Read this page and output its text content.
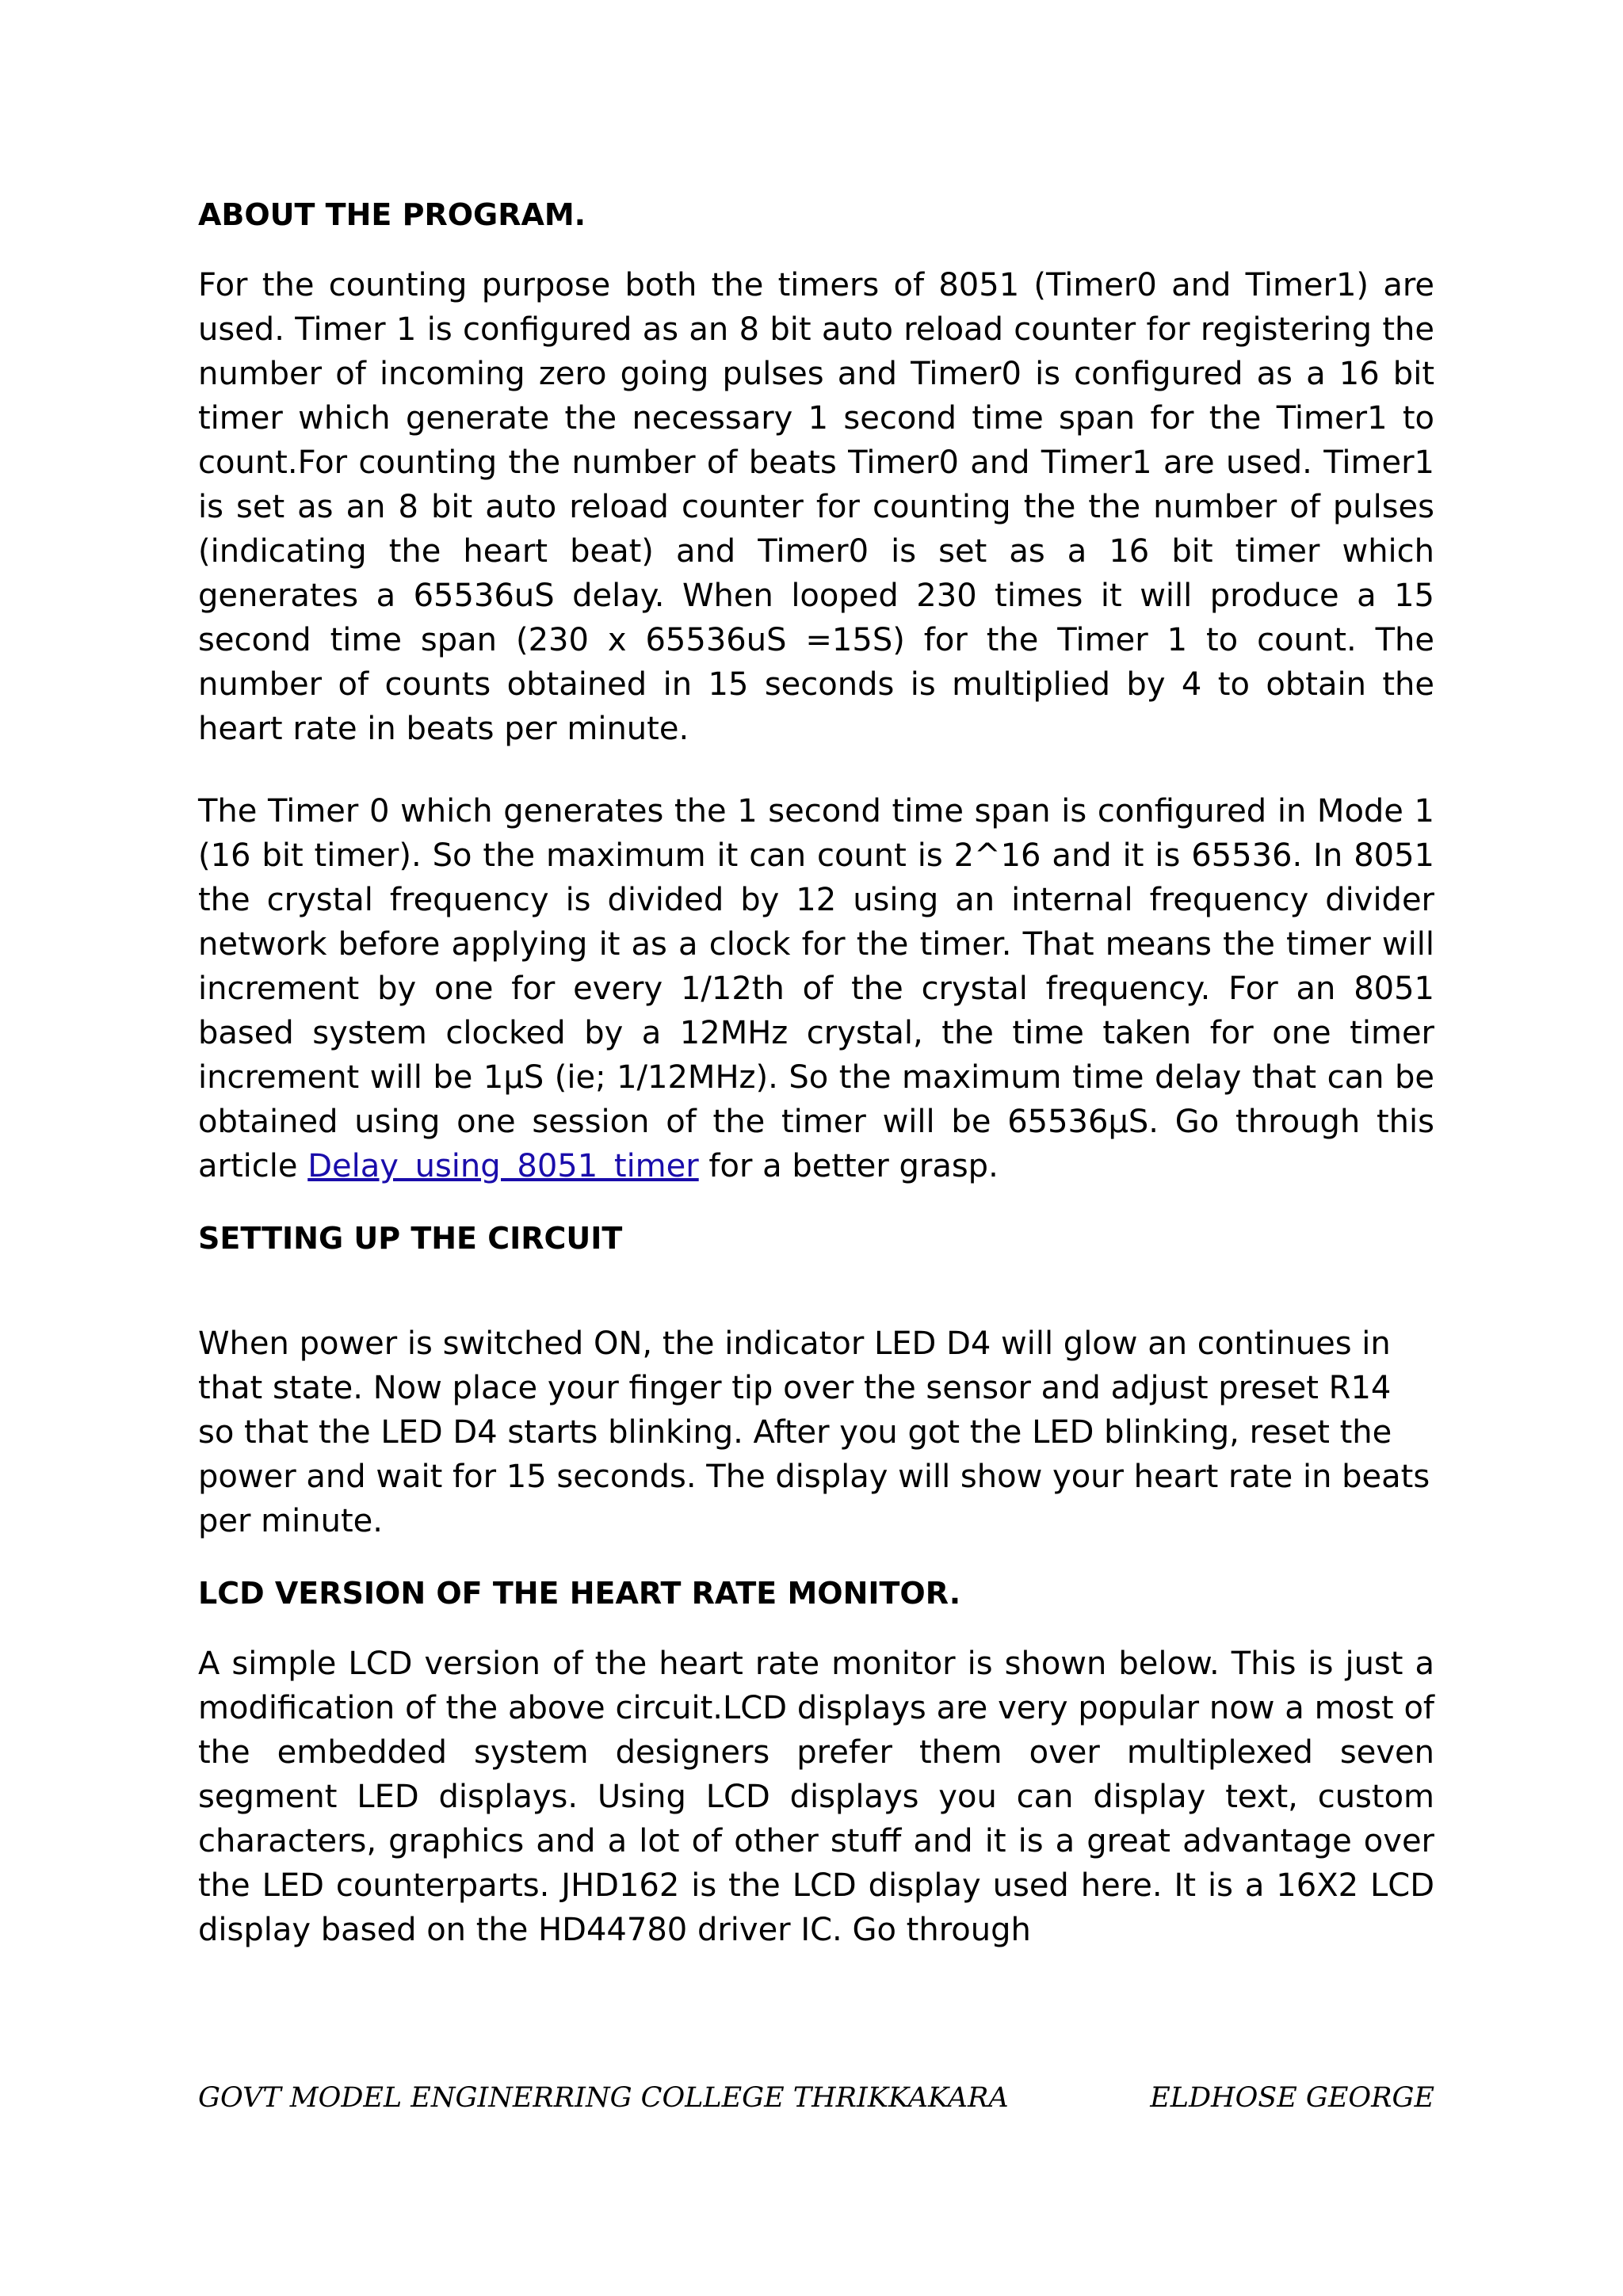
ABOUT THE PROGRAM.

For the counting purpose both the timers of 8051 (Timer0 and Timer1) are used. Timer 1 is configured as an 8 bit auto reload counter for registering the number of incoming zero going pulses and Timer0 is configured as a 16 bit timer which generate the necessary 1 second time span for the Timer1 to count.For counting the number of beats Timer0 and Timer1 are used. Timer1 is set as an 8 bit auto reload counter for counting the the number of pulses (indicating the heart beat) and Timer0 is set as a 16 bit timer which generates a 65536uS delay. When looped 230 times it will produce a 15 second time span (230 x 65536uS =15S) for the Timer 1 to count. The number of counts obtained in 15 seconds is multiplied by 4 to obtain the heart rate in beats per minute.

The Timer 0 which generates the 1 second time span is configured in Mode 1 (16 bit timer). So the maximum it can count is 2^16 and it is 65536. In 8051 the crystal frequency is divided by 12 using an internal frequency divider network before applying it as a clock for the timer. That means the timer will increment by one for every 1/12th of the crystal frequency. For an 8051 based system clocked by a 12MHz crystal, the time taken for one timer increment will be 1µS (ie; 1/12MHz). So the maximum time delay that can be obtained using one session of the timer will be 65536µS. Go through this article Delay using 8051 timer for a better grasp.

SETTING UP THE CIRCUIT

When power is switched ON, the indicator LED D4 will glow an continues in that state. Now place your finger tip over the sensor and adjust preset R14 so that the LED D4 starts blinking. After you got the LED blinking, reset the power and wait for 15 seconds. The display will show your heart rate in beats per minute.

LCD VERSION OF THE HEART RATE MONITOR.

A simple LCD version of the heart rate monitor is shown below. This is just a modification of the above circuit.LCD displays are very popular now a most of the embedded system designers prefer them over multiplexed seven segment LED displays. Using LCD displays you can display text, custom characters, graphics and a lot of other stuff and it is a great advantage over the LED counterparts. JHD162 is the LCD display used here. It is a 16X2 LCD display based on the HD44780 driver IC. Go through

GOVT MODEL ENGINERRING COLLEGE THRIKKAKARA	ELDHOSE GEORGE
